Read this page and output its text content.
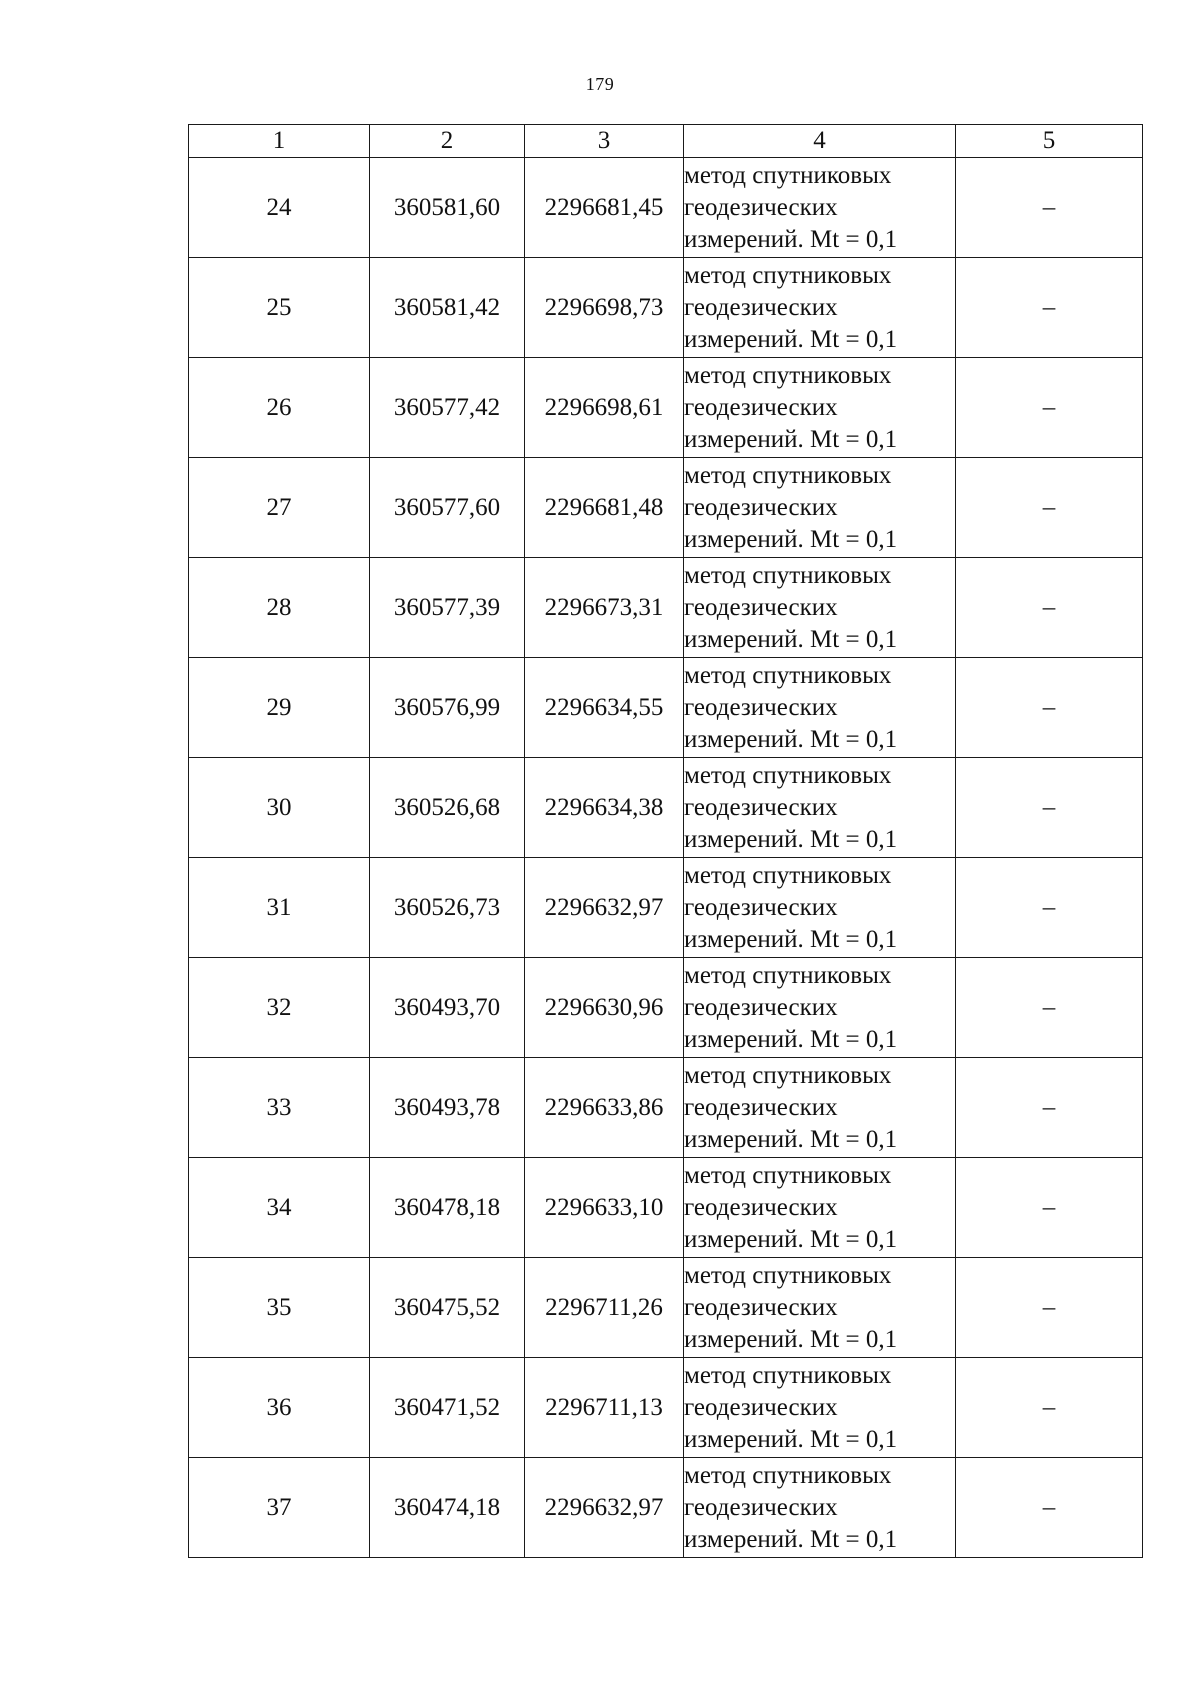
179
1	2	3	4	5
24	360581,60	2296681,45	метод спутниковых
геодезических
измерений. Mt = 0,1	–
25	360581,42	2296698,73	метод спутниковых
геодезических
измерений. Mt = 0,1	–
26	360577,42	2296698,61	метод спутниковых
геодезических
измерений. Mt = 0,1	–
27	360577,60	2296681,48	метод спутниковых
геодезических
измерений. Mt = 0,1	–
28	360577,39	2296673,31	метод спутниковых
геодезических
измерений. Mt = 0,1	–
29	360576,99	2296634,55	метод спутниковых
геодезических
измерений. Mt = 0,1	–
30	360526,68	2296634,38	метод спутниковых
геодезических
измерений. Mt = 0,1	–
31	360526,73	2296632,97	метод спутниковых
геодезических
измерений. Mt = 0,1	–
32	360493,70	2296630,96	метод спутниковых
геодезических
измерений. Mt = 0,1	–
33	360493,78	2296633,86	метод спутниковых
геодезических
измерений. Mt = 0,1	–
34	360478,18	2296633,10	метод спутниковых
геодезических
измерений. Mt = 0,1	–
35	360475,52	2296711,26	метод спутниковых
геодезических
измерений. Mt = 0,1	–
36	360471,52	2296711,13	метод спутниковых
геодезических
измерений. Mt = 0,1	–
37	360474,18	2296632,97	метод спутниковых
геодезических
измерений. Mt = 0,1	–
